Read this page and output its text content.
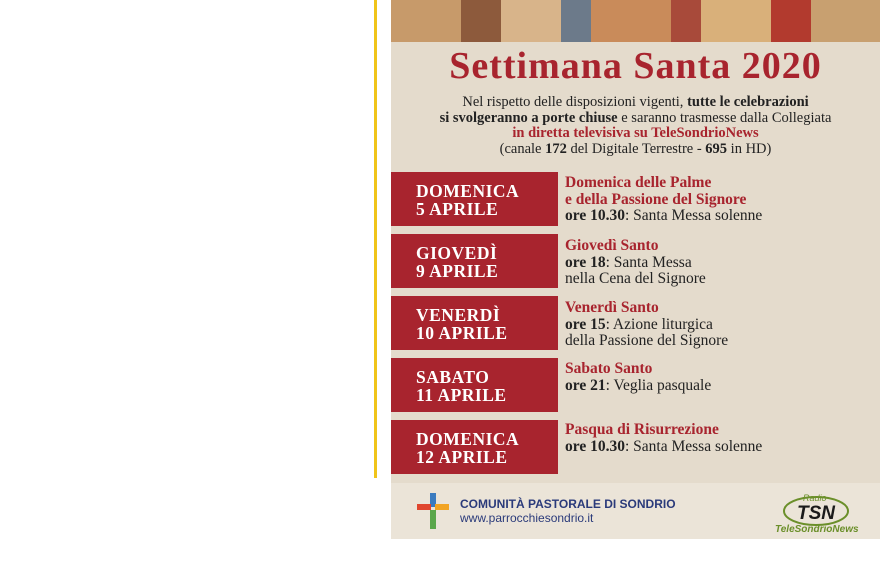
Settimana Santa 2020
Nel rispetto delle disposizioni vigenti, tutte le celebrazioni
si svolgeranno a porte chiuse e saranno trasmesse dalla Collegiata
in diretta televisiva su TeleSondrioNews
(canale 172 del Digitale Terrestre - 695 in HD)
DOMENICA
5 APRILE
Domenica delle Palme
e della Passione del Signore
ore 10.30: Santa Messa solenne
GIOVEDÌ
9 APRILE
Giovedì Santo
ore 18: Santa Messa
nella Cena del Signore
VENERDÌ
10 APRILE
Venerdì Santo
ore 15: Azione liturgica
della Passione del Signore
SABATO
11 APRILE
Sabato Santo
ore 21: Veglia pasquale
DOMENICA
12 APRILE
Pasqua di Risurrezione
ore 10.30: Santa Messa solenne
COMUNITÀ PASTORALE DI SONDRIO
www.parrocchiesondrio.it
Radio
TSN
TeleSondrioNews
